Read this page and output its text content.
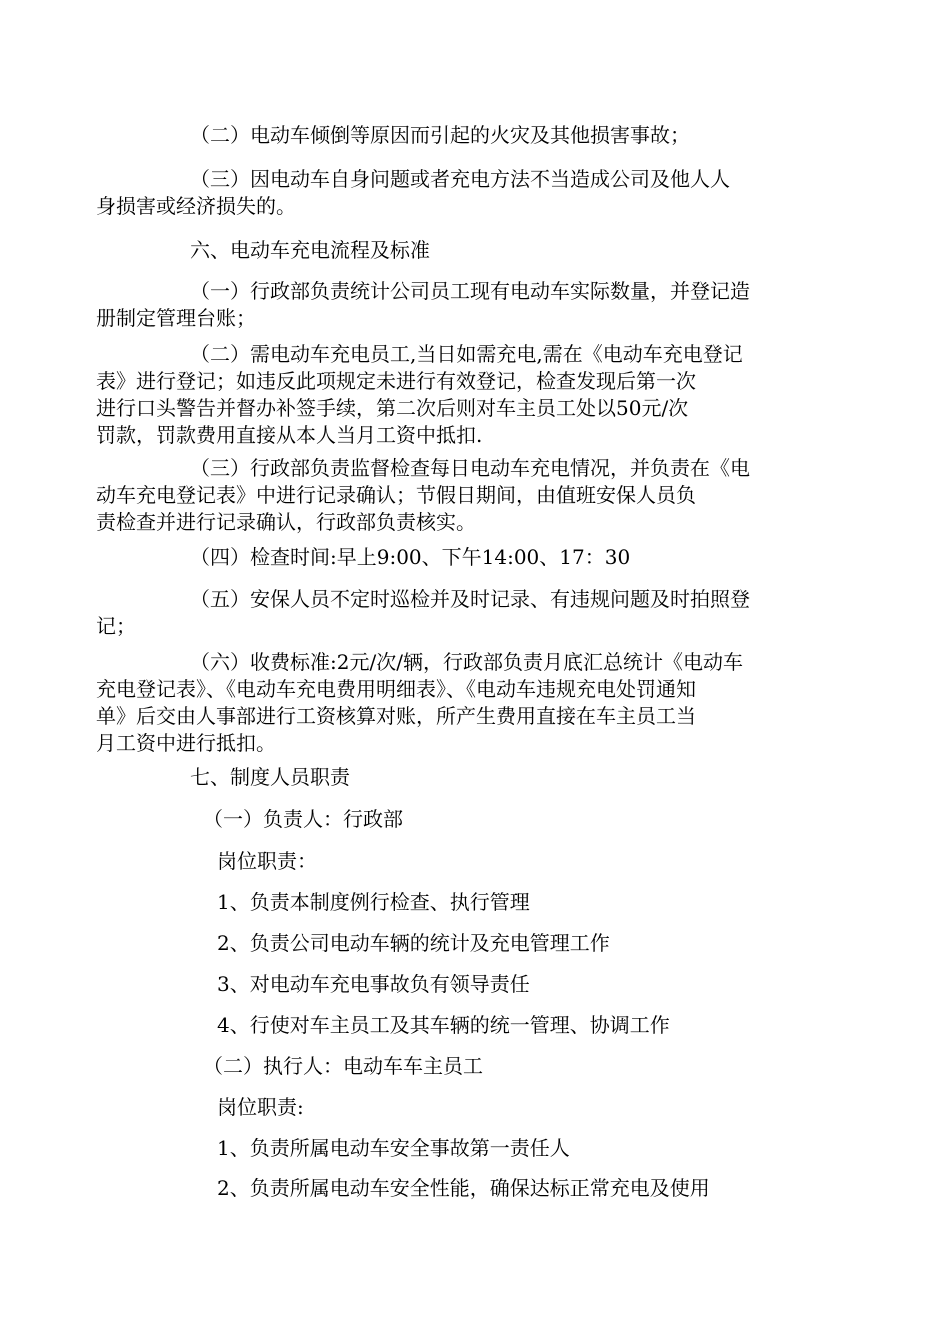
（二）电动车倾倒等原因而引起的火灾及其他损害事故；

（三）因电动车自身问题或者充电方法不当造成公司及他人人
身损害或经济损失的。

六、电动车充电流程及标准

（一）行政部负责统计公司员工现有电动车实际数量，并登记造
册制定管理台账；

（二）需电动车充电员工,当日如需充电,需在《电动车充电登记
表》进行登记；如违反此项规定未进行有效登记，检查发现后第一次
进行口头警告并督办补签手续，第二次后则对车主员工处以50元/次
罚款，罚款费用直接从本人当月工资中抵扣.

（三）行政部负责监督检查每日电动车充电情况，并负责在《电
动车充电登记表》中进行记录确认；节假日期间，由值班安保人员负
责检查并进行记录确认，行政部负责核实。

（四）检查时间:早上9:00、下午14:00、17：30

（五）安保人员不定时巡检并及时记录、有违规问题及时拍照登
记；

（六）收费标准:2元/次/辆，行政部负责月底汇总统计《电动车
充电登记表》、《电动车充电费用明细表》、《电动车违规充电处罚通知
单》后交由人事部进行工资核算对账，所产生费用直接在车主员工当
月工资中进行抵扣。

七、制度人员职责

（一）负责人：行政部

岗位职责：

1、负责本制度例行检查、执行管理

2、负责公司电动车辆的统计及充电管理工作

3、对电动车充电事故负有领导责任

4、行使对车主员工及其车辆的统一管理、协调工作

（二）执行人：电动车车主员工

岗位职责:

1、负责所属电动车安全事故第一责任人

2、负责所属电动车安全性能，确保达标正常充电及使用
